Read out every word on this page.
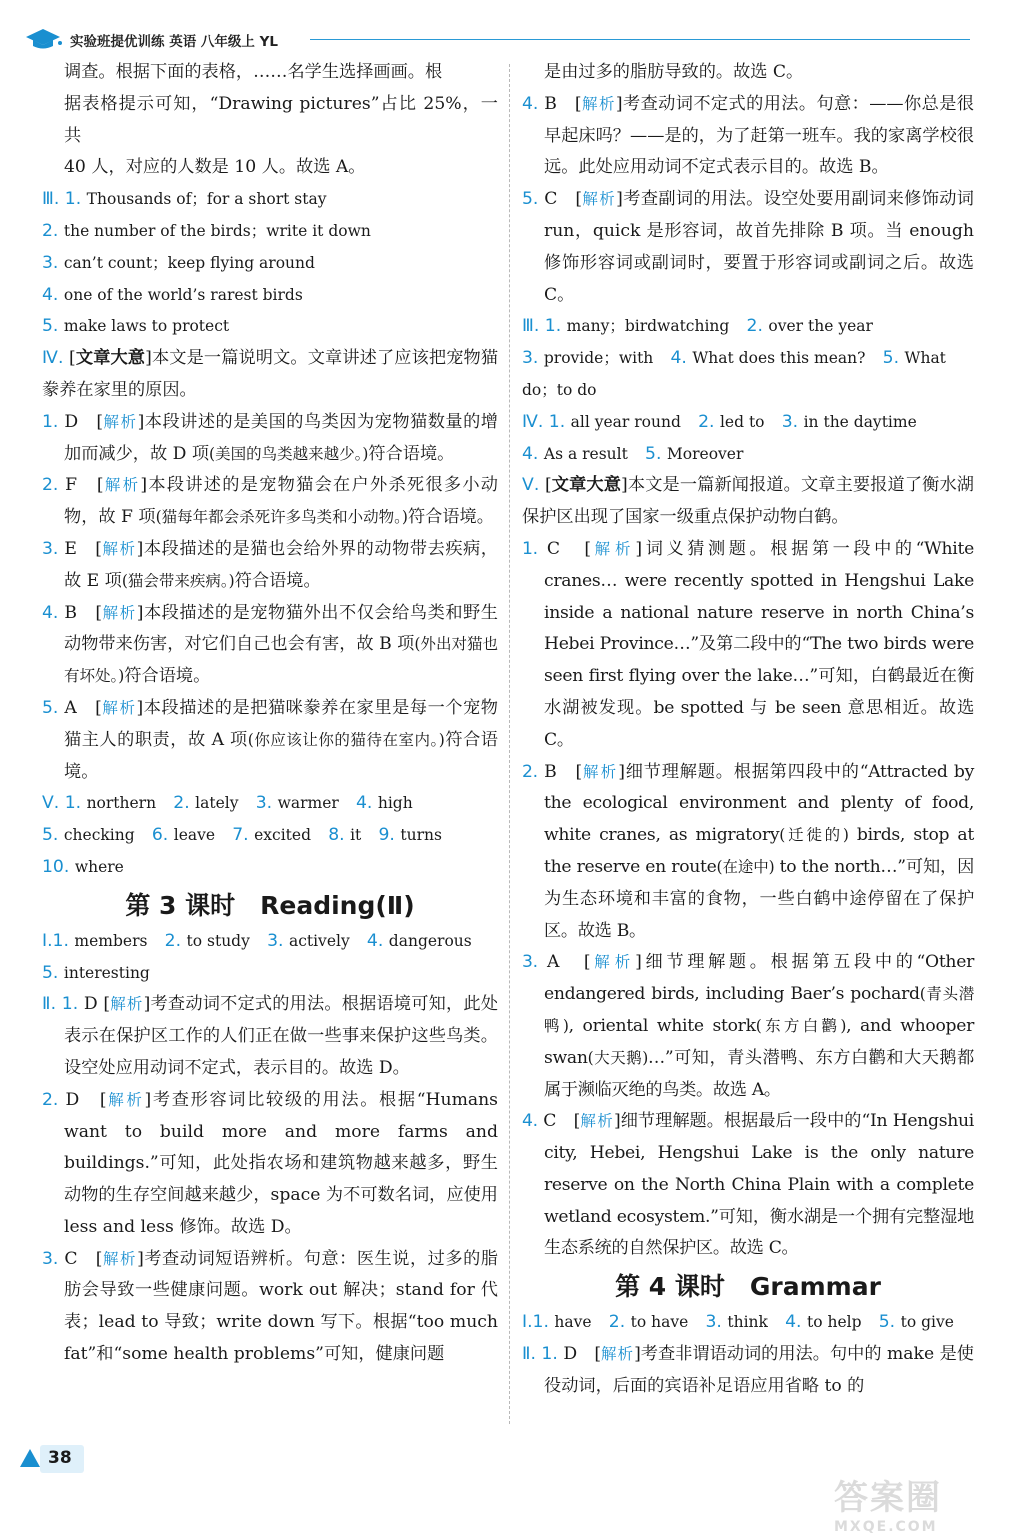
实验班提优训练 英语 八年级上 YL

调查。根据下面的表格，……名学生选择画画。根

据表格提示可知，“Drawing pictures”占比 25%，一共

40 人，对应的人数是 10 人。故选 A。

Ⅲ. 1. Thousands of；for a short stay

2. the number of the birds；write it down

3. can’t count；keep flying around

4. one of the world’s rarest birds

5. make laws to protect

Ⅳ. [文章大意]本文是一篇说明文。文章讲述了应该把宠物猫豢养在家里的原因。

1. D　 [解析]本段讲述的是美国的鸟类因为宠物猫数量的增加而减少，故 D 项(美国的鸟类越来越少。)符合语境。

2. F　 [解析]本段讲述的是宠物猫会在户外杀死很多小动物，故 F 项(猫每年都会杀死许多鸟类和小动物。)符合语境。

3. E　 [解析]本段描述的是猫也会给外界的动物带去疾病，故 E 项(猫会带来疾病。)符合语境。

4. B　 [解析]本段描述的是宠物猫外出不仅会给鸟类和野生动物带来伤害，对它们自己也会有害，故 B 项(外出对猫也有坏处。)符合语境。

5. A　 [解析]本段描述的是把猫咪豢养在家里是每一个宠物猫主人的职责，故 A 项(你应该让你的猫待在室内。)符合语境。

Ⅴ. 1. northern　 2. lately　 3. warmer　 4. high

5. checking　 6. leave　 7. excited　 8. it　 9. turns

10. where

第 3 课时　Reading(Ⅱ)

Ⅰ.1. members　 2. to study　 3. actively　 4. dangerous

5. interesting

Ⅱ. 1. D [解析]考查动词不定式的用法。根据语境可知，此处表示在保护区工作的人们正在做一些事来保护这些鸟类。设空处应用动词不定式，表示目的。故选 D。

2. D　 [解析]考查形容词比较级的用法。根据“Humans want to build more and more farms and buildings.”可知，此处指农场和建筑物越来越多，野生动物的生存空间越来越少，space 为不可数名词，应使用 less and less 修饰。故选 D。

3. C　 [解析]考查动词短语辨析。句意：医生说，过多的脂肪会导致一些健康问题。work out 解决；stand for 代表；lead to 导致；write down 写下。根据“too much fat”和“some health problems”可知，健康问题

是由过多的脂肪导致的。故选 C。

4. B　 [解析]考查动词不定式的用法。句意：——你总是很早起床吗？——是的，为了赶第一班车。我的家离学校很远。此处应用动词不定式表示目的。故选 B。

5. C　 [解析]考查副词的用法。设空处要用副词来修饰动词 run，quick 是形容词，故首先排除 B 项。当 enough 修饰形容词或副词时，要置于形容词或副词之后。故选 C。

Ⅲ. 1. many；birdwatching　 2. over the year

3. provide；with　 4. What does this mean?　 5. What

do；to do

Ⅳ. 1. all year round　 2. led to　 3. in the daytime

4. As a result　 5. Moreover

Ⅴ. [文章大意]本文是一篇新闻报道。文章主要报道了衡水湖保护区出现了国家一级重点保护动物白鹤。

1. C　 [解析]词义猜测题。根据第一段中的“White cranes… were recently spotted in Hengshui Lake inside a national nature reserve in north China’s Hebei Province…”及第二段中的“The two birds were seen first flying over the lake…”可知，白鹤最近在衡水湖被发现。be spotted 与 be seen 意思相近。故选 C。

2. B　 [解析]细节理解题。根据第四段中的“Attracted by the ecological environment and plenty of food, white cranes, as migratory(迁徙的) birds, stop at the reserve en route(在途中) to the north…”可知，因为生态环境和丰富的食物，一些白鹤中途停留在了保护区。故选 B。

3. A　 [解析]细节理解题。根据第五段中的“Other endangered birds, including Baer’s pochard(青头潜鸭), oriental white stork(东方白鹳), and whooper swan(大天鹅)…”可知，青头潜鸭、东方白鹳和大天鹅都属于濒临灭绝的鸟类。故选 A。

4. C　 [解析]细节理解题。根据最后一段中的“In Hengshui city, Hebei, Hengshui Lake is the only nature reserve on the North China Plain with a complete wetland ecosystem.”可知，衡水湖是一个拥有完整湿地生态系统的自然保护区。故选 C。

第 4 课时　Grammar

Ⅰ.1. have　 2. to have　 3. think　 4. to help　 5. to give

Ⅱ. 1. D　 [解析]考查非谓语动词的用法。句中的 make 是使役动词，后面的宾语补足语应用省略 to 的

38
答案圈
MXQE.COM
